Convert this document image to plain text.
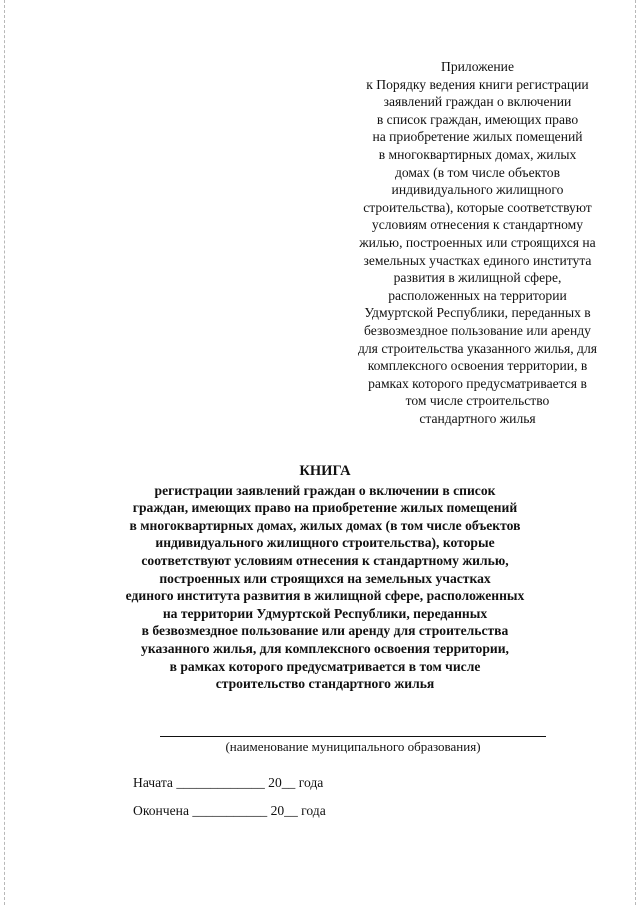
Приложение
к Порядку ведения книги регистрации
заявлений граждан о включении
в список граждан, имеющих право
на приобретение жилых помещений
в многоквартирных домах, жилых
домах (в том числе объектов
индивидуального жилищного
строительства), которые соответствуют
условиям отнесения к стандартному
жилью, построенных или строящихся на
земельных участках единого института
развития в жилищной сфере,
расположенных на территории
Удмуртской Республики, переданных в
безвозмездное пользование или аренду
для строительства указанного жилья, для
комплексного освоения территории, в
рамках которого предусматривается в
том числе строительство
стандартного жилья
КНИГА
регистрации заявлений граждан о включении в список
граждан, имеющих право на приобретение жилых помещений
в многоквартирных домах, жилых домах (в том числе объектов
индивидуального жилищного строительства), которые
соответствуют условиям отнесения к стандартному жилью,
построенных или строящихся на земельных участках
единого института развития в жилищной сфере, расположенных
на территории Удмуртской Республики, переданных
в безвозмездное пользование или аренду для строительства
указанного жилья, для комплексного освоения территории,
в рамках которого предусматривается в том числе
строительство стандартного жилья
(наименование муниципального образования)
Начата _____________ 20__ года
Окончена ___________ 20__ года
